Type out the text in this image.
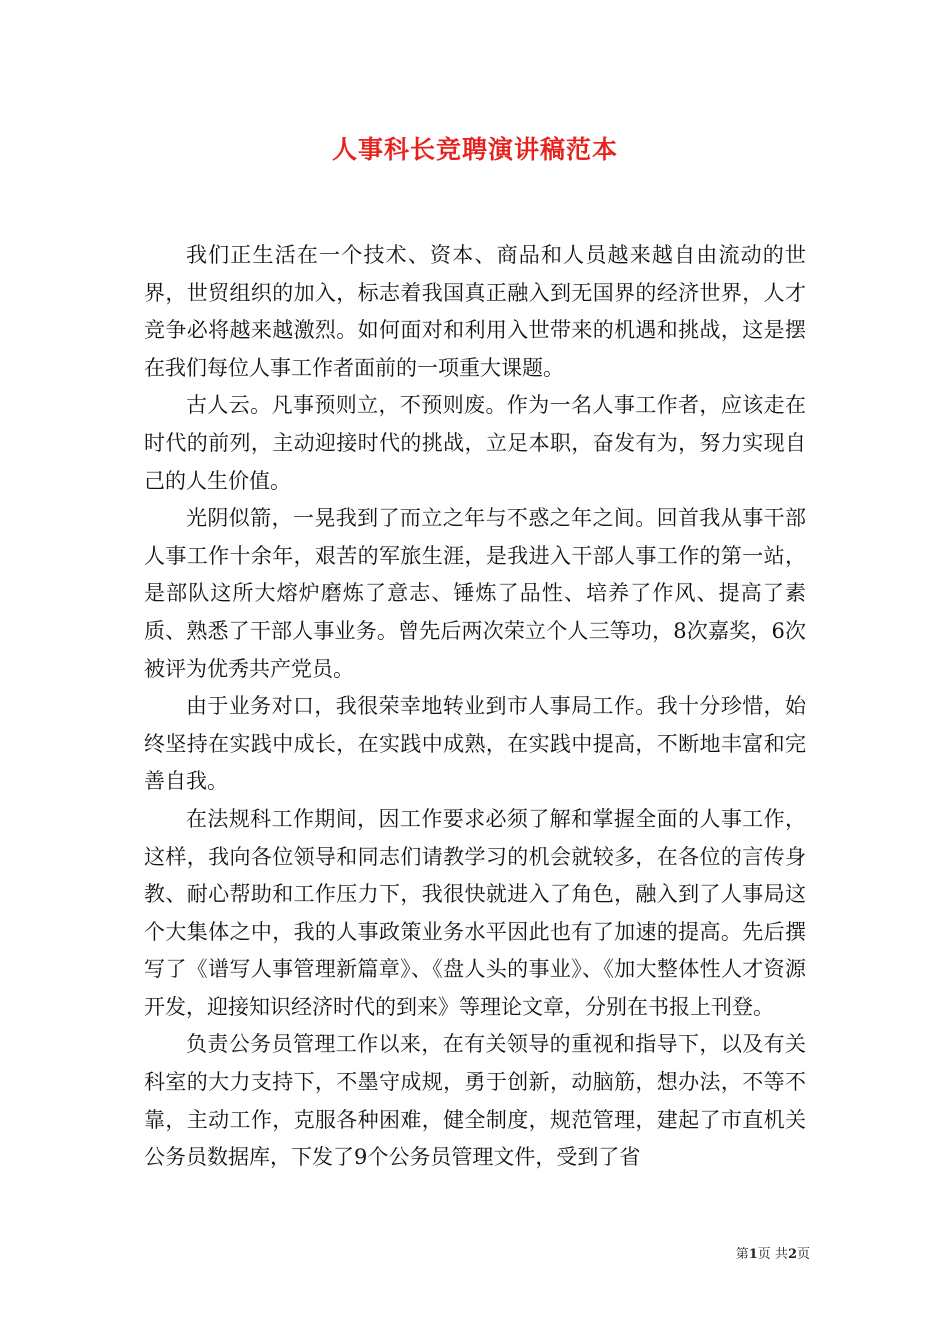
人事科长竞聘演讲稿范本

我们正生活在一个技术、资本、商品和人员越来越自由流动的世界，世贸组织的加入，标志着我国真正融入到无国界的经济世界，人才竞争必将越来越激烈。如何面对和利用入世带来的机遇和挑战，这是摆在我们每位人事工作者面前的一项重大课题。

古人云。凡事预则立，不预则废。作为一名人事工作者，应该走在时代的前列，主动迎接时代的挑战，立足本职，奋发有为，努力实现自己的人生价值。

光阴似箭，一晃我到了而立之年与不惑之年之间。回首我从事干部人事工作十余年，艰苦的军旅生涯，是我进入干部人事工作的第一站，是部队这所大熔炉磨炼了意志、锤炼了品性、培养了作风、提高了素质、熟悉了干部人事业务。曾先后两次荣立个人三等功，8次嘉奖，6次被评为优秀共产党员。

由于业务对口，我很荣幸地转业到市人事局工作。我十分珍惜，始终坚持在实践中成长，在实践中成熟，在实践中提高，不断地丰富和完善自我。

在法规科工作期间，因工作要求必须了解和掌握全面的人事工作，这样，我向各位领导和同志们请教学习的机会就较多，在各位的言传身教、耐心帮助和工作压力下，我很快就进入了角色，融入到了人事局这个大集体之中，我的人事政策业务水平因此也有了加速的提高。先后撰写了《谱写人事管理新篇章》、《盘人头的事业》、《加大整体性人才资源开发，迎接知识经济时代的到来》等理论文章，分别在书报上刊登。

负责公务员管理工作以来，在有关领导的重视和指导下，以及有关科室的大力支持下，不墨守成规，勇于创新，动脑筋，想办法，不等不靠，主动工作，克服各种困难，健全制度，规范管理，建起了市直机关公务员数据库，下发了9个公务员管理文件，受到了省

第1页 共2页
